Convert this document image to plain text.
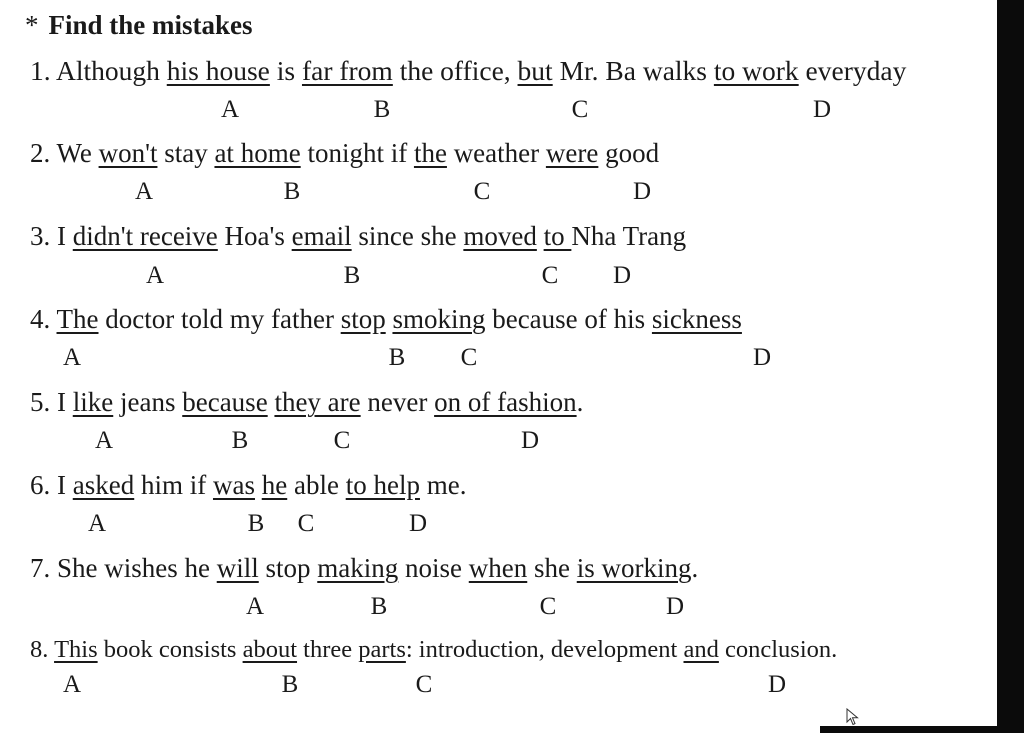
* Find the mistakes
1. Although his house is far from the office, but Mr. Ba walks to work everyday
2. We won't stay at home tonight if the weather were good
3. I didn't receive Hoa's email since she moved to Nha Trang
4. The doctor told my father stop smoking because of his sickness
5. I like jeans because they are never on of fashion.
6. I asked him if was he able to help me.
7. She wishes he will stop making noise when she is working.
8. This book consists about three parts: introduction, development and conclusion.
A	B	C	D
A	B	C	D
A	B	C D
A	B C	D
A	B	C	D
A	B C	D
A	B	C	D
A	B	C	D
